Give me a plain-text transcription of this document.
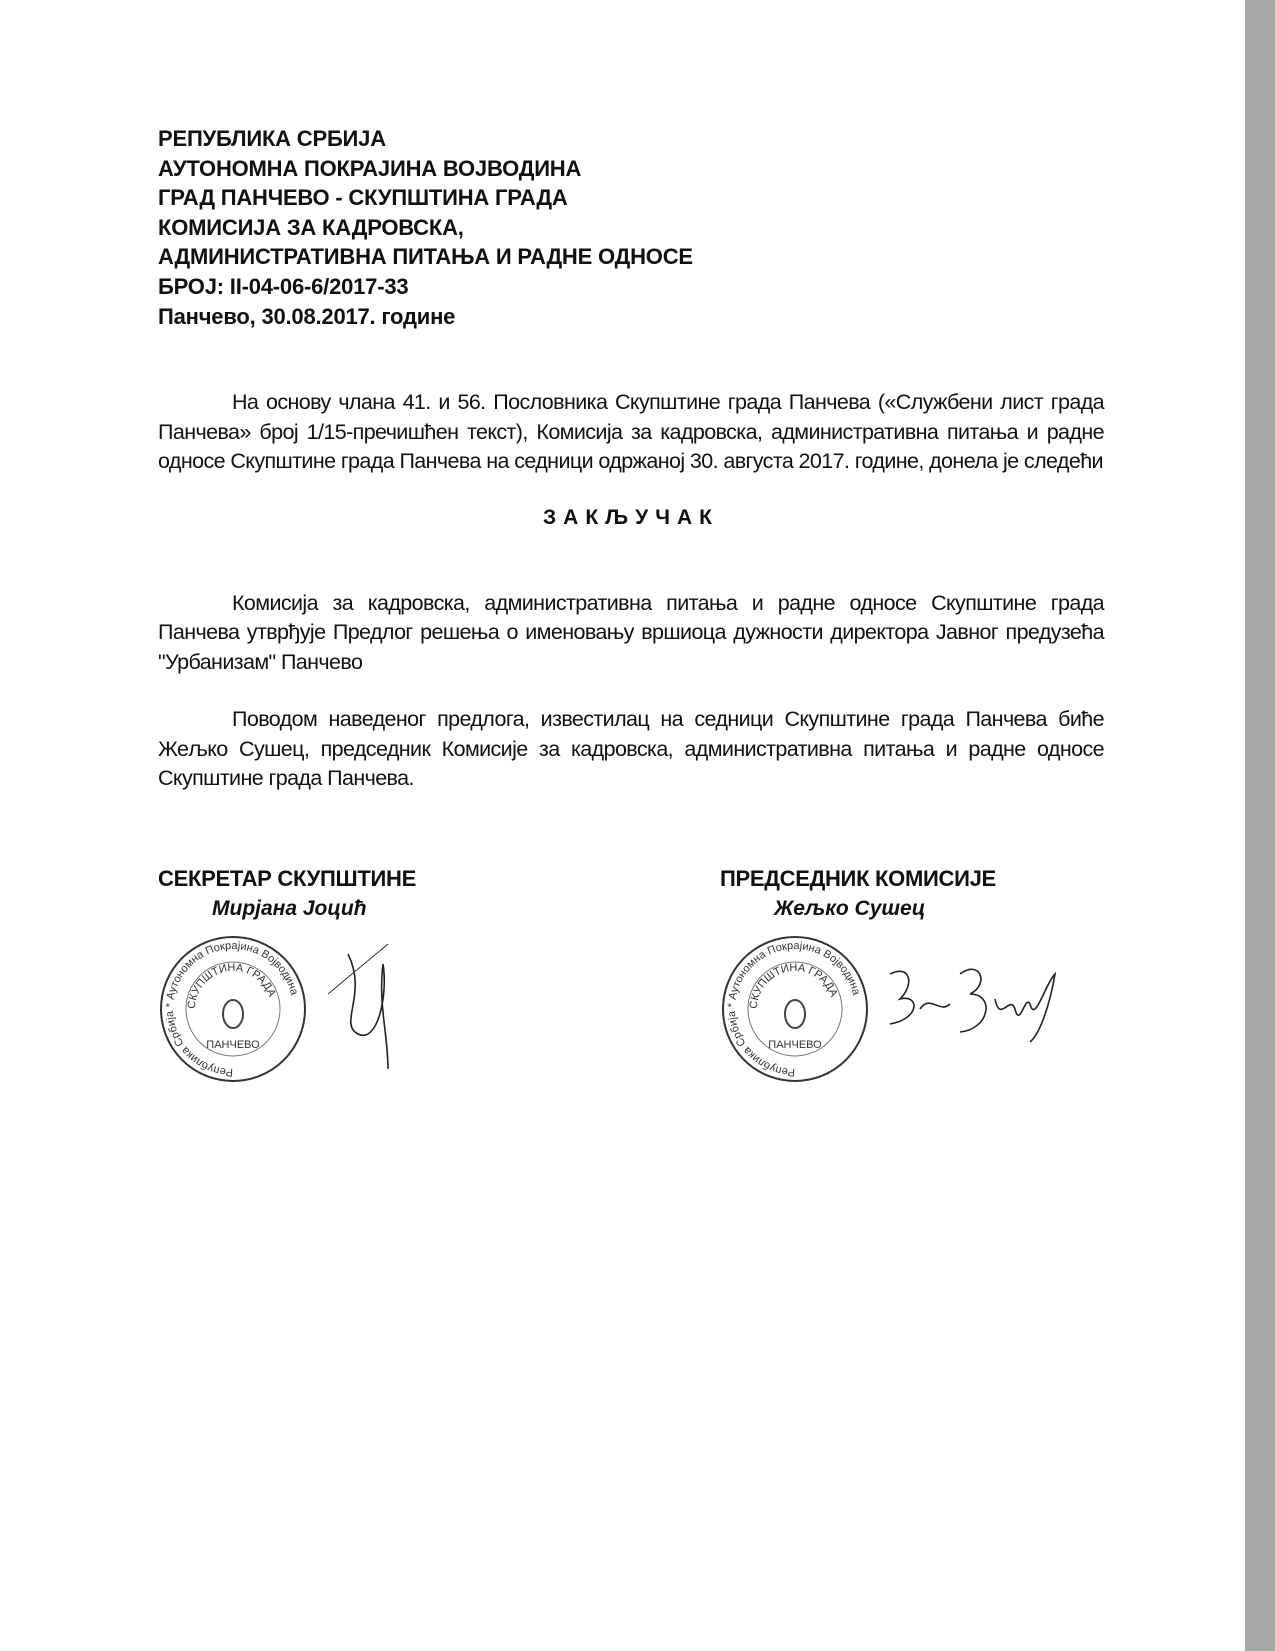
РЕПУБЛИКА СРБИЈА
АУТОНОМНА ПОКРАЈИНА ВОЈВОДИНА
ГРАД ПАНЧЕВО - СКУПШТИНА ГРАДА
КОМИСИЈА ЗА КАДРОВСКА,
АДМИНИСТРАТИВНА ПИТАЊА И РАДНЕ ОДНОСЕ
БРОЈ: II-04-06-6/2017-33
Панчево, 30.08.2017. године
На основу члана 41. и 56. Пословника Скупштине града Панчева («Службени лист града Панчева» број 1/15-пречишћен текст), Комисија за кадровска, административна питања и радне односе Скупштине града Панчева на седници одржаној 30. августа 2017. године, донела је следећи
ЗАКЉУЧАК
Комисија за кадровска, административна питања и радне односе Скупштине града Панчева утврђује Предлог решења о именовању вршиоца дужности директора Јавног предузећа "Урбанизам" Панчево
Поводом наведеног предлога, известилац на седници Скупштине града Панчева биће Жељко Сушец, председник Комисије за кадровска, административна питања и радне односе Скупштине града Панчева.
СЕКРЕТАР СКУПШТИНЕ
Мирјана Јоцић
Република Србија * Аутономна Покрајина Војводина
СКУПШТИНА ГРАДА
ПАНЧЕВО
ПРЕДСЕДНИК КОМИСИЈЕ
Жељко Сушец
Република Србија * Аутономна Покрајина Војводина
СКУПШТИНА ГРАДА
ПАНЧЕВО
